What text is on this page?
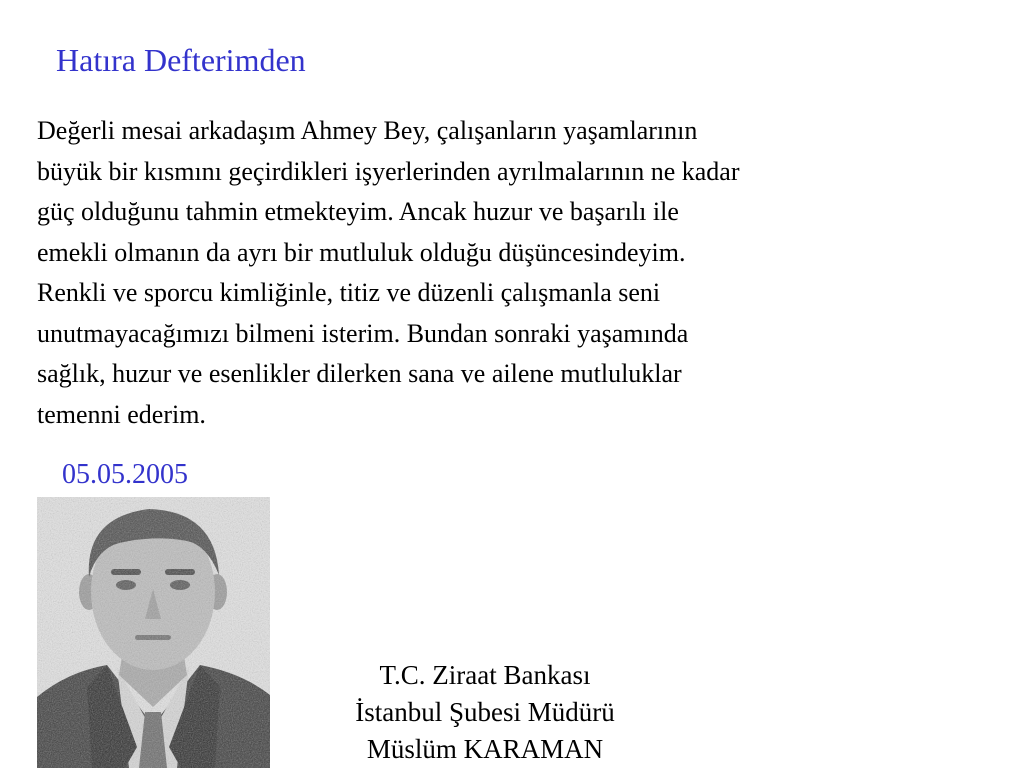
Hatıra Defterimden
Değerli mesai arkadaşım Ahmey Bey, çalışanların yaşamlarının
büyük bir kısmını geçirdikleri işyerlerinden ayrılmalarının ne kadar
güç olduğunu tahmin etmekteyim. Ancak huzur ve başarılı ile
emekli olmanın da ayrı bir mutluluk olduğu düşüncesindeyim.
Renkli ve sporcu kimliğinle, titiz ve düzenli çalışmanla seni
unutmayacağımızı bilmeni isterim. Bundan sonraki yaşamında
sağlık, huzur ve esenlikler dilerken sana ve ailene mutluluklar
temenni ederim.
05.05.2005
T.C. Ziraat Bankası
İstanbul Şubesi Müdürü
Müslüm KARAMAN
